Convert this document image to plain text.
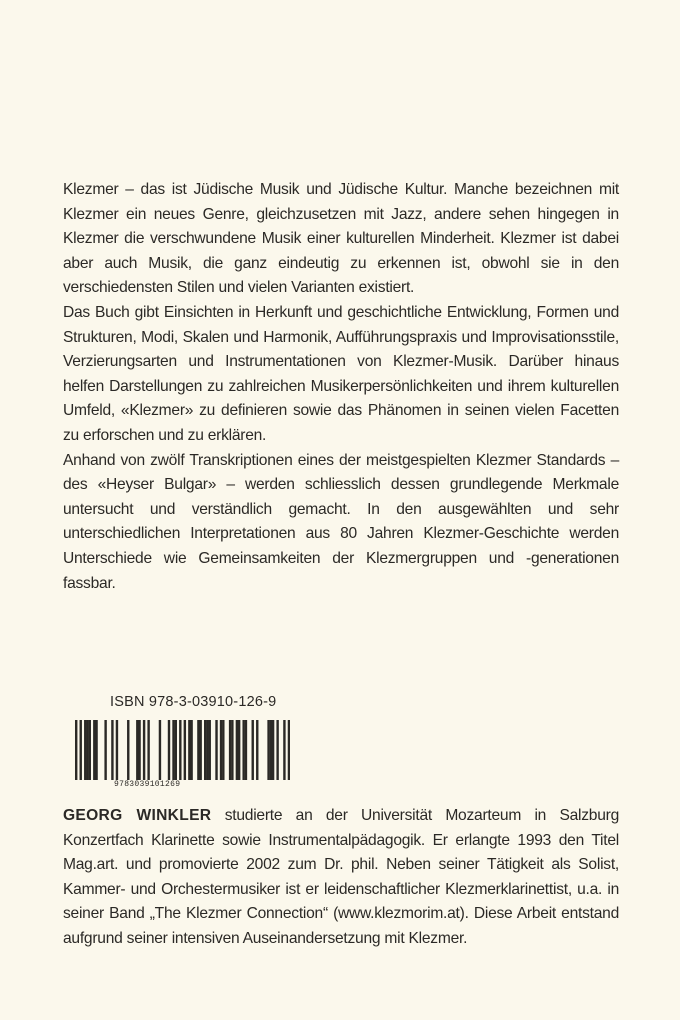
Klezmer – das ist Jüdische Musik und Jüdische Kultur. Manche bezeichnen mit Klezmer ein neues Genre, gleichzusetzen mit Jazz, andere sehen hingegen in Klezmer die verschwundene Musik einer kulturellen Minderheit. Klezmer ist dabei aber auch Musik, die ganz eindeutig zu erkennen ist, obwohl sie in den verschiedensten Stilen und vielen Varianten existiert.

Das Buch gibt Einsichten in Herkunft und geschichtliche Entwicklung, Formen und Strukturen, Modi, Skalen und Harmonik, Aufführungspraxis und Improvisationsstile, Verzierungsarten und Instrumentationen von Klezmer-Musik. Darüber hinaus helfen Darstellungen zu zahlreichen Musikerpersönlichkeiten und ihrem kulturellen Umfeld, «Klezmer» zu definieren sowie das Phänomen in seinen vielen Facetten zu erforschen und zu erklären.

Anhand von zwölf Transkriptionen eines der meistgespielten Klezmer Standards – des «Heyser Bulgar» – werden schliesslich dessen grundlegende Merkmale untersucht und verständlich gemacht. In den ausgewählten und sehr unterschiedlichen Interpretationen aus 80 Jahren Klezmer-Geschichte werden Unterschiede wie Gemeinsamkeiten der Klezmergruppen und -generationen fassbar.

ISBN 978-3-03910-126-9
9783039101269

GEORG WINKLER studierte an der Universität Mozarteum in Salzburg Konzertfach Klarinette sowie Instrumentalpädagogik. Er erlangte 1993 den Titel Mag.art. und promovierte 2002 zum Dr. phil. Neben seiner Tätigkeit als Solist, Kammer- und Orchestermusiker ist er leidenschaftlicher Klezmerklarinettist, u.a. in seiner Band „The Klezmer Connection“ (www.klezmorim.at). Diese Arbeit entstand aufgrund seiner intensiven Auseinandersetzung mit Klezmer.
